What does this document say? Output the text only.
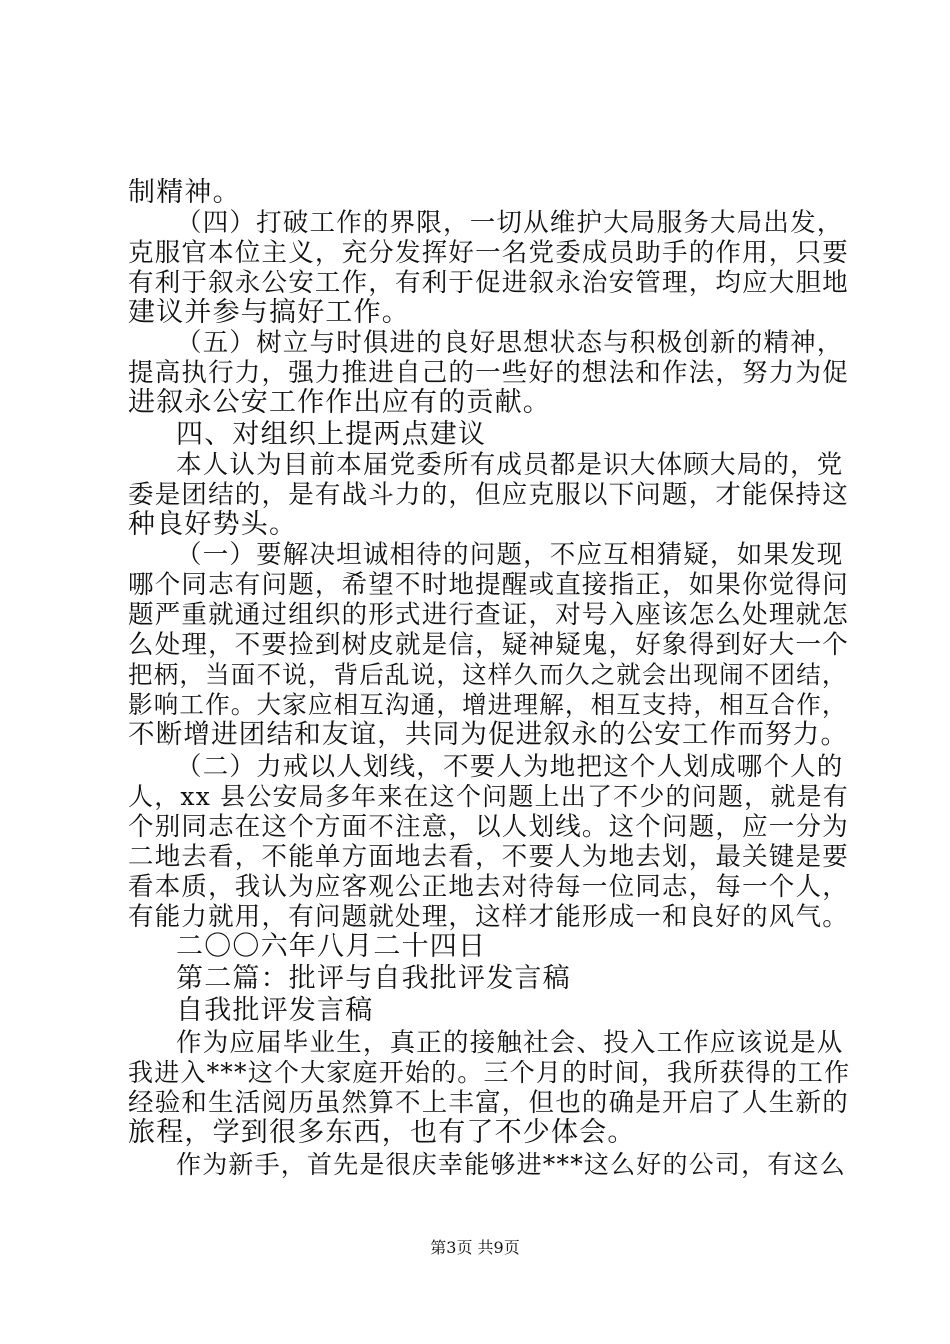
制精神。
（四）打破工作的界限，一切从维护大局服务大局出发，
克服官本位主义，充分发挥好一名党委成员助手的作用，只要
有利于叙永公安工作，有利于促进叙永治安管理，均应大胆地
建议并参与搞好工作。
（五）树立与时俱进的良好思想状态与积极创新的精神，
提高执行力，强力推进自己的一些好的想法和作法，努力为促
进叙永公安工作作出应有的贡献。
四、对组织上提两点建议
本人认为目前本届党委所有成员都是识大体顾大局的，党
委是团结的，是有战斗力的，但应克服以下问题，才能保持这
种良好势头。
（一）要解决坦诚相待的问题，不应互相猜疑，如果发现
哪个同志有问题，希望不时地提醒或直接指正，如果你觉得问
题严重就通过组织的形式进行查证，对号入座该怎么处理就怎
么处理，不要捡到树皮就是信，疑神疑鬼，好象得到好大一个
把柄，当面不说，背后乱说，这样久而久之就会出现闹不团结，
影响工作。大家应相互沟通，增进理解，相互支持，相互合作，
不断增进团结和友谊，共同为促进叙永的公安工作而努力。
（二）力戒以人划线，不要人为地把这个人划成哪个人的
人，xx 县公安局多年来在这个问题上出了不少的问题，就是有
个别同志在这个方面不注意，以人划线。这个问题，应一分为
二地去看，不能单方面地去看，不要人为地去划，最关键是要
看本质，我认为应客观公正地去对待每一位同志，每一个人，
有能力就用，有问题就处理，这样才能形成一和良好的风气。
二〇〇六年八月二十四日
第二篇：批评与自我批评发言稿
自我批评发言稿
作为应届毕业生，真正的接触社会、投入工作应该说是从
我进入***这个大家庭开始的。三个月的时间，我所获得的工作
经验和生活阅历虽然算不上丰富，但也的确是开启了人生新的
旅程，学到很多东西，也有了不少体会。
作为新手，首先是很庆幸能够进***这么好的公司，有这么
第3页 共9页
